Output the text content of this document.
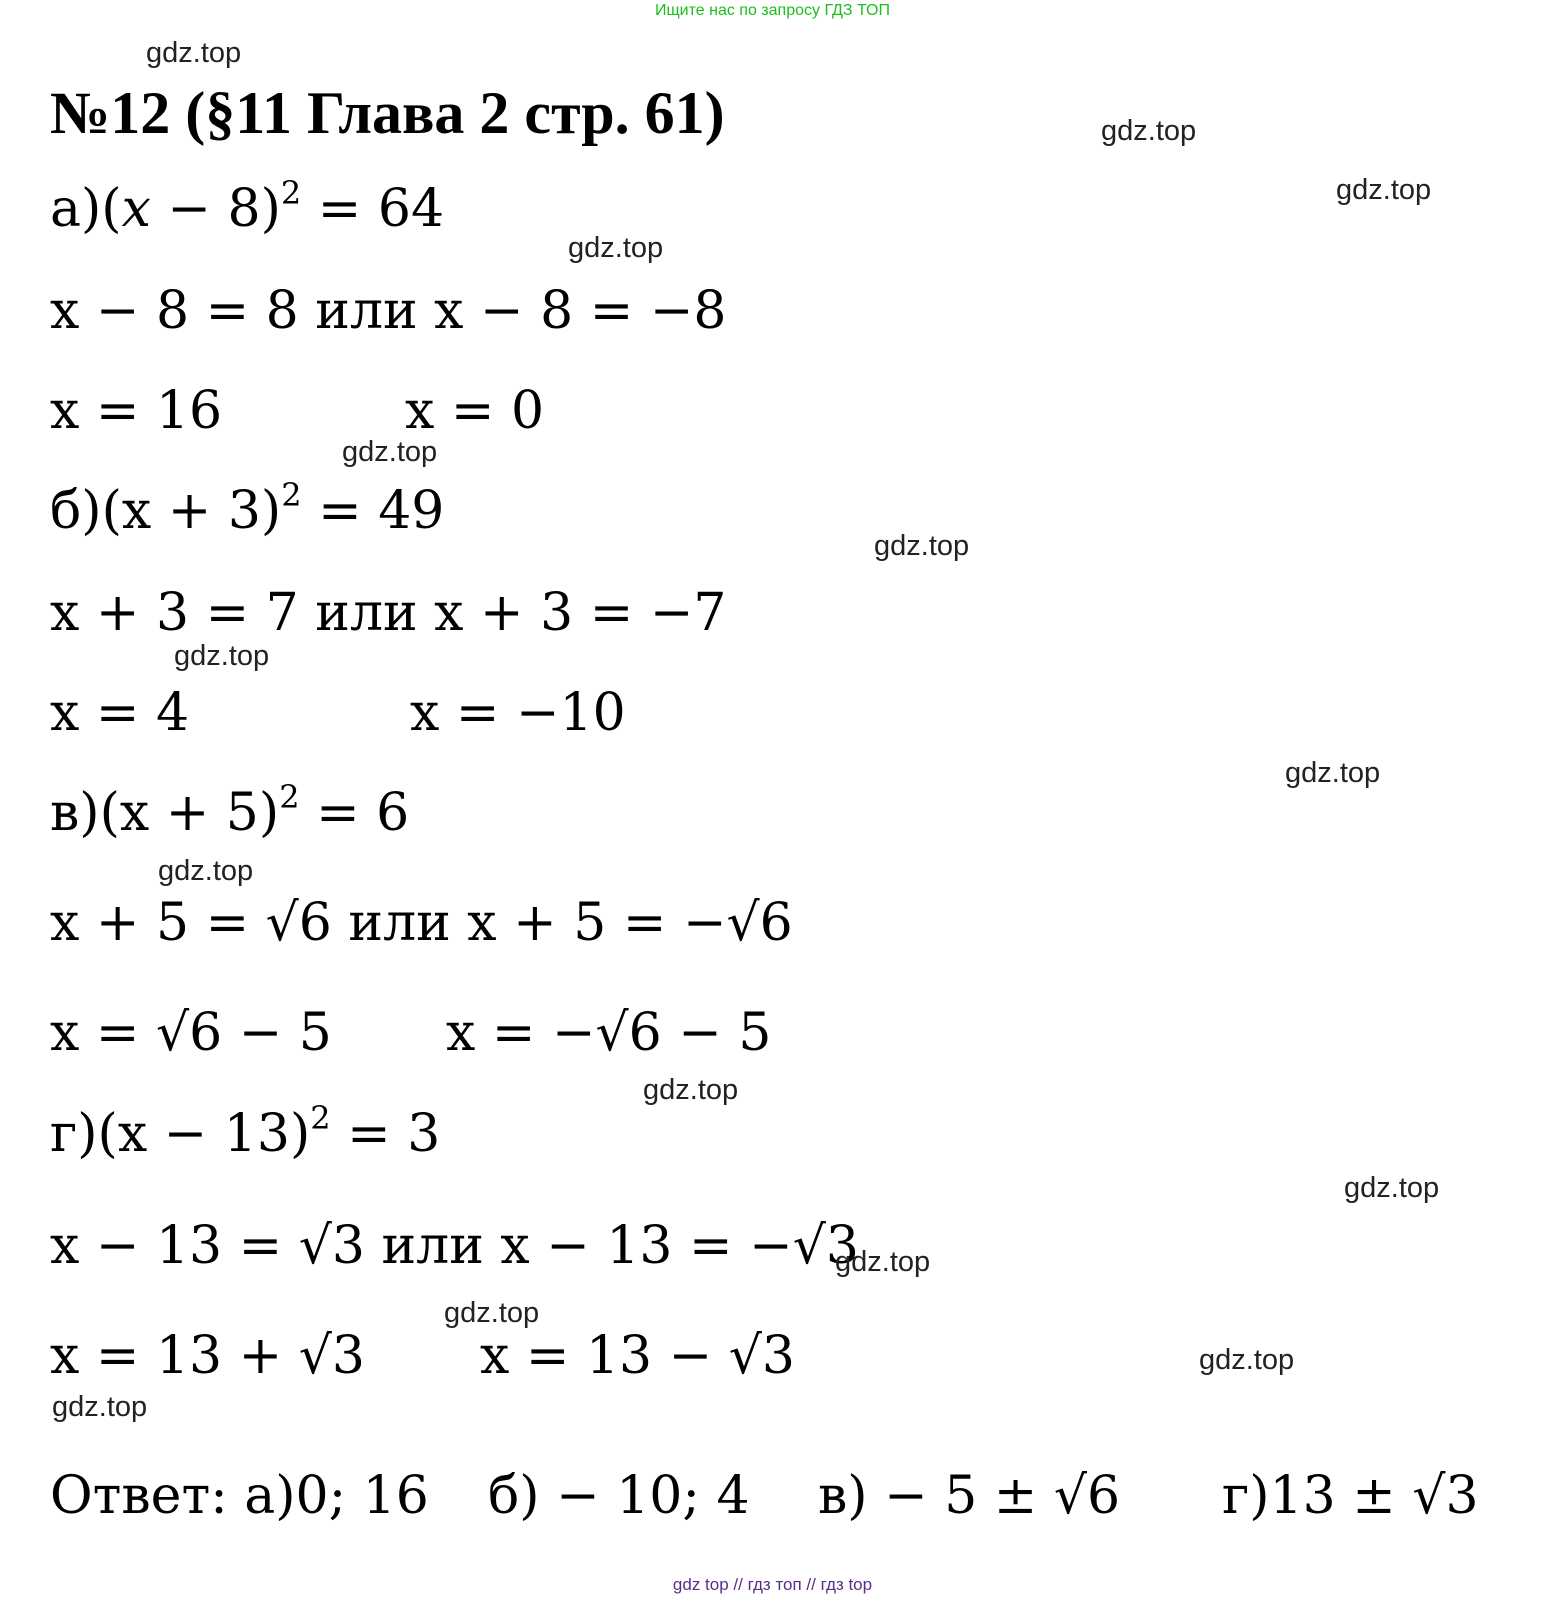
Ищите нас по запросу ГДЗ ТОП
№12 (§11 Глава 2 стр. 61)
$а)(x - 8)^2 = 64$
x − 8 = 8 или x − 8 = −8
x = 16	x = 0
$б)(x + 3)^2 = 49$
x + 3 = 7 или x + 3 = −7
x = 4	x = −10
$в)(x + 5)^2 = 6$
x + 5 = √6 или x + 5 = −√6
x = √6 − 5 x = −√6 − 5
$г)(x - 13)^2 = 3$
x − 13 = √3 или x − 13 = −√3
x = 13 + √3 x = 13 − √3
Ответ: а)0; 16 б) − 10; 4 в) − 5 ± √6 г)13 ± √3
gdz.top
gdz.top
gdz.top
gdz.top
gdz.top
gdz.top
gdz.top
gdz.top
gdz.top
gdz.top
gdz.top
gdz.top
gdz.top
gdz.top
gdz.top
gdz top // гдз топ // гдз top
